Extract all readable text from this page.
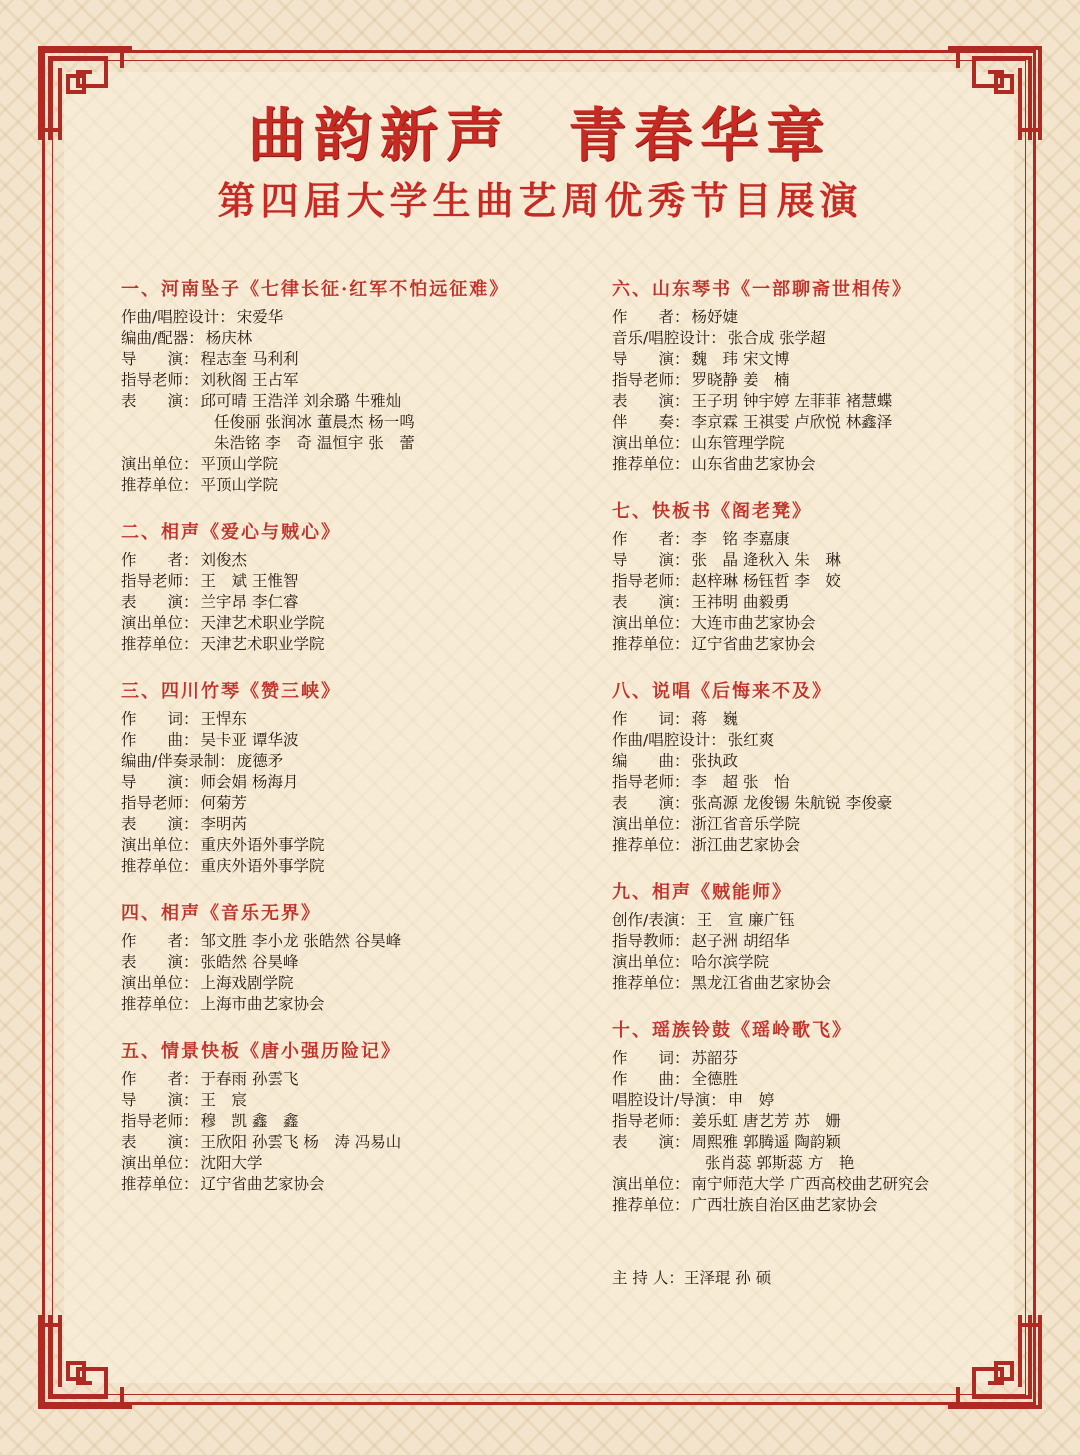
曲韵新声  青春华章
第四届大学生曲艺周优秀节目展演
一、河南坠子《七律长征·红军不怕远征难》
作曲/唱腔设计： 宋爱华
编曲/配器： 杨庆林
导　　演： 程志奎 马利利
指导老师： 刘秋阁 王占军
表　　演： 邱可晴 王浩洋 刘余璐 牛雅灿
任俊丽 张润冰 董晨杰 杨一鸣
朱浩铭 李　奇 温恒宇 张　蕾
演出单位： 平顶山学院
推荐单位： 平顶山学院
二、相声《爱心与贼心》
作　　者： 刘俊杰
指导老师： 王　斌 王惟智
表　　演： 兰宇昂 李仁睿
演出单位： 天津艺术职业学院
推荐单位： 天津艺术职业学院
三、四川竹琴《赞三峡》
作　　词： 王悍东
作　　曲： 吴卡亚 谭华波
编曲/伴奏录制： 庞德矛
导　　演： 师会娟 杨海月
指导老师： 何菊芳
表　　演： 李明芮
演出单位： 重庆外语外事学院
推荐单位： 重庆外语外事学院
四、相声《音乐无界》
作　　者： 邹文胜 李小龙 张皓然 谷昊峰
表　　演： 张皓然 谷昊峰
演出单位： 上海戏剧学院
推荐单位： 上海市曲艺家协会
五、情景快板《唐小强历险记》
作　　者： 于春雨 孙雲飞
导　　演： 王　宸
指导老师： 穆　凯 鑫　鑫
表　　演： 王欣阳 孙雲飞 杨　涛 冯易山
演出单位： 沈阳大学
推荐单位： 辽宁省曲艺家协会
六、山东琴书《一部聊斋世相传》
作　　者： 杨妤婕
音乐/唱腔设计： 张合成 张学超
导　　演： 魏　玮 宋文博
指导老师： 罗晓静 姜　楠
表　　演： 王子玥 钟宇婷 左菲菲 褚慧蝶
伴　　奏： 李京霖 王祺雯 卢欣悦 林鑫泽
演出单位： 山东管理学院
推荐单位： 山东省曲艺家协会
七、快板书《阁老凳》
作　　者： 李　铭 李嘉康
导　　演： 张　晶 逄秋入 朱　琳
指导老师： 赵梓琳 杨钰哲 李　姣
表　　演： 王祎明 曲毅勇
演出单位： 大连市曲艺家协会
推荐单位： 辽宁省曲艺家协会
八、说唱《后悔来不及》
作　　词： 蒋　巍
作曲/唱腔设计： 张红爽
编　　曲： 张执政
指导老师： 李　超 张　怡
表　　演： 张高源 龙俊锡 朱航锐 李俊豪
演出单位： 浙江省音乐学院
推荐单位： 浙江曲艺家协会
九、相声《贼能师》
创作/表演： 王　宣 廉广钰
指导教师： 赵子洲 胡绍华
演出单位： 哈尔滨学院
推荐单位： 黑龙江省曲艺家协会
十、瑶族铃鼓《瑶岭歌飞》
作　　词： 苏韶芬
作　　曲： 全德胜
唱腔设计/导演： 申　婷
指导老师： 姜乐虹 唐艺芳 苏　姗
表　　演： 周熙雅 郭腾遥 陶韵颖
张肖蕊 郭斯蕊 方　艳
演出单位： 南宁师范大学 广西高校曲艺研究会
推荐单位： 广西壮族自治区曲艺家协会
主 持 人：王泽琨 孙 硕
